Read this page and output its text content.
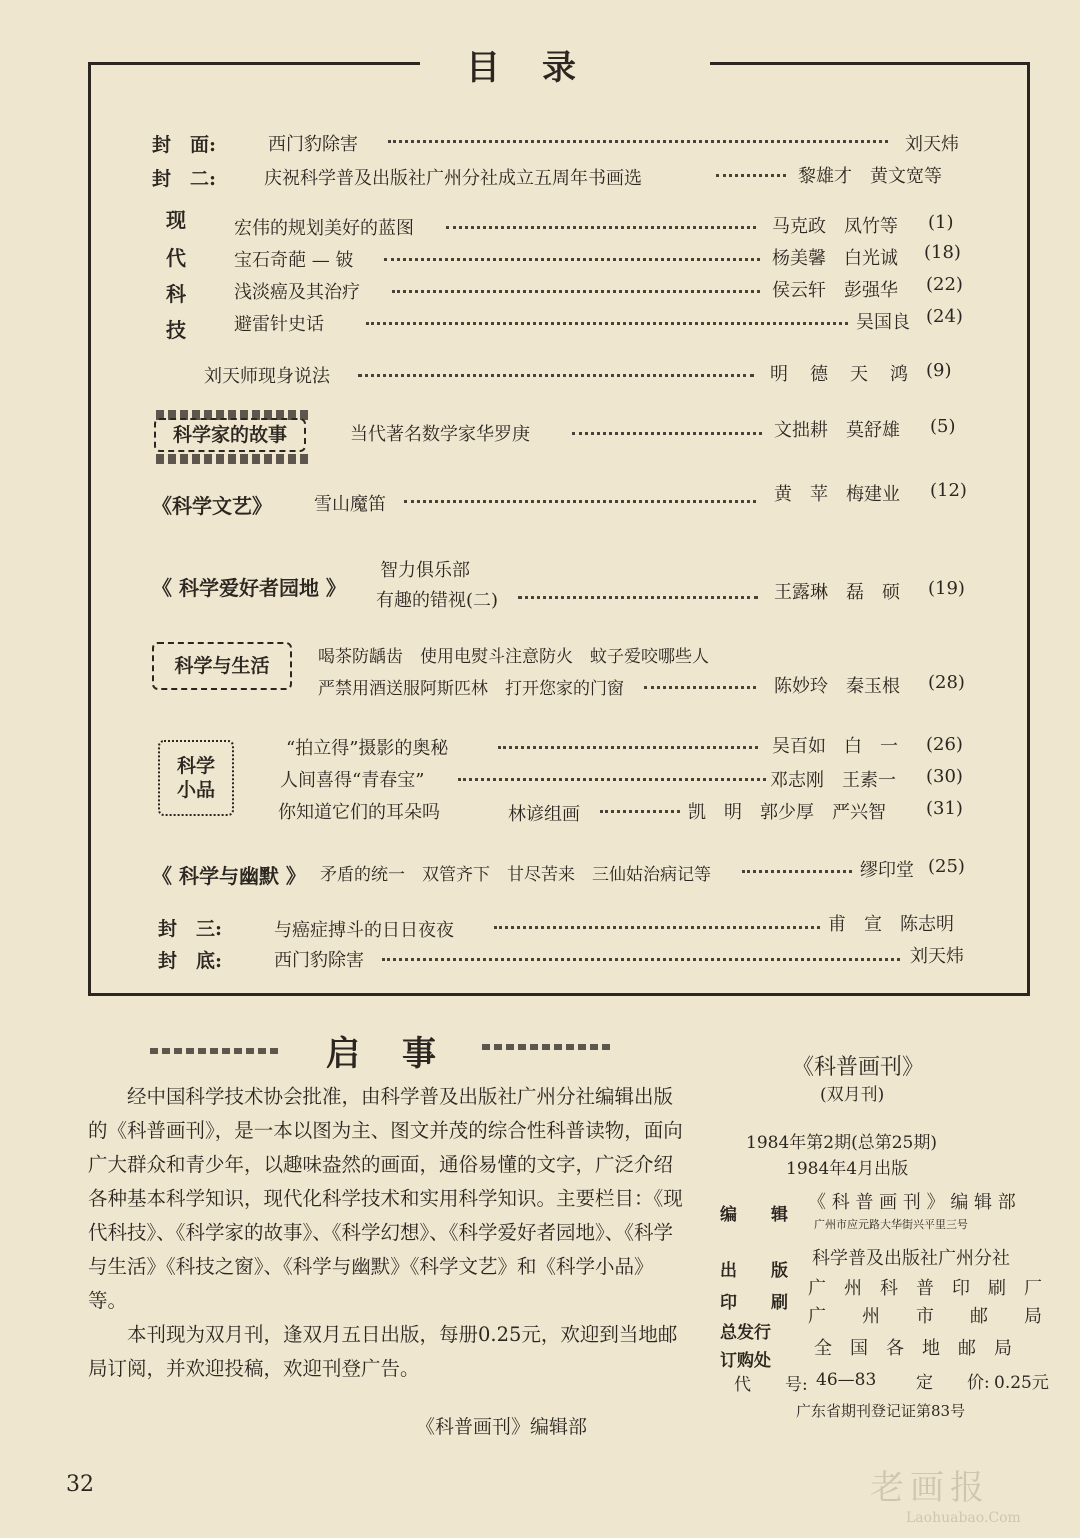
目　录
封　面:	西门豹除害	刘天炜
封　二:	庆祝科学普及出版社广州分社成立五周年书画选	黎雄才　黄文宽等
现
代
科
技
宏伟的规划美好的蓝图	马克政　凤竹等 (1)
宝石奇葩 — 铍	杨美馨　白光诚 (18)
浅淡癌及其治疗	侯云轩　彭强华 (22)
避雷针史话	吴国良 (24)
刘天师现身说法	明　德　天　鸿 (9)
科学家的故事	当代著名数学家华罗庚	文拙耕　莫舒雄 (5)
《科学文艺》 雪山魔笛	黄　苹　梅建业 (12)
《 科学爱好者园地 》
智力俱乐部
有趣的错视(二)	王露琳　磊　硕 (19)
科学与生活	喝茶防龋齿　使用电熨斗注意防火　蚊子爱咬哪些人
严禁用酒送服阿斯匹林　打开您家的门窗	陈妙玲　秦玉根 (28)
科学
小品
“拍立得”摄影的奥秘	吴百如　白　一 (26)
人间喜得“青春宝”	邓志刚　王素一 (30)
你知道它们的耳朵吗	林谚组画	凯　明　郭少厚　严兴智 (31)
《 科学与幽默 》 矛盾的统一　双管齐下　甘尽苦来　三仙姑治病记等	缪印堂 (25)
封　三:	与癌症搏斗的日日夜夜	甫　宣　陈志明
封　底:	西门豹除害	刘天炜
启　事

经中国科学技术协会批准，由科学普及出版社广州分社编辑出版的《科普画刊》，是一本以图为主、图文并茂的综合性科普读物，面向广大群众和青少年，以趣味盎然的画面，通俗易懂的文字，广泛介绍各种基本科学知识，现代化科学技术和实用科学知识。主要栏目：《现代科技》、《科学家的故事》、《科学幻想》、《科学爱好者园地》、《科学与生活》《科技之窗》、《科学与幽默》《科学文艺》和《科学小品》等。

本刊现为双月刊，逢双月五日出版，每册0.25元，欢迎到当地邮局订阅，并欢迎投稿，欢迎刊登广告。

《科普画刊》编辑部
《科普画刊》
(双月刊)
1984年第2期(总第25期)
1984年4月出版
编　　辑
《 科 普 画 刊 》 编 辑 部
广州市应元路大华街兴平里三号
出　　版
科学普及出版社广州分社
印　　刷
广　州　科　普　印　刷　厂
总发行
广　　州　　市　　邮　　局
订购处
全　国　各　地　邮　局
代　　号: 46—83 定　　价: 0.25元
广东省期刊登记证第83号
32	老画报
Laohuabao.Com
